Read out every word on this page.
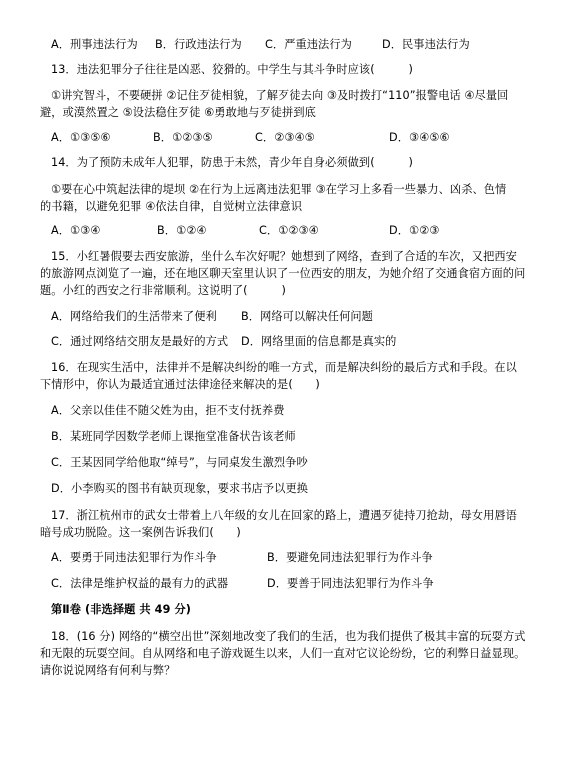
A．刑事违法行为 B．行政违法行为 C．严重违法行为	D．民事违法行为
13．违法犯罪分子往往是凶恶、狡猾的。中学生与其斗争时应该(　　　)
①讲究智斗，不要硬拼 ②记住歹徒相貌，了解歹徒去向 ③及时拨打“110”报警电话 ④尽量回
避，或漠然置之 ⑤设法稳住歹徒 ⑥勇敢地与歹徒拼到底
A．①③⑤⑥	B．①②③⑤	C．②③④⑤	D．③④⑤⑥
14．为了预防未成年人犯罪，防患于未然，青少年自身必须做到(　　　)
①要在心中筑起法律的堤坝 ②在行为上远离违法犯罪 ③在学习上多看一些暴力、凶杀、色情
的书籍，以避免犯罪 ④依法自律，自觉树立法律意识
A．①③④	B．①②④	C．①②③④	D．①②③
15．小红暑假要去西安旅游，坐什么车次好呢？她想到了网络，查到了合适的车次，又把西安
的旅游网点浏览了一遍，还在地区聊天室里认识了一位西安的朋友，为她介绍了交通食宿方面的问
题。小红的西安之行非常顺利。这说明了(　　　)
A．网络给我们的生活带来了便利 B．网络可以解决任何问题
C．通过网络结交朋友是最好的方式 D．网络里面的信息都是真实的
16．在现实生活中，法律并不是解决纠纷的唯一方式，而是解决纠纷的最后方式和手段。在以
下情形中，你认为最适宜通过法律途径来解决的是(　　)
A．父亲以佳佳不随父姓为由，拒不支付抚养费
B．某班同学因数学老师上课拖堂准备状告该老师
C．王某因同学给他取“绰号”，与同桌发生激烈争吵
D．小李购买的图书有缺页现象，要求书店予以更换
17．浙江杭州市的武女士带着上八年级的女儿在回家的路上，遭遇歹徒持刀抢劫，母女用唇语
暗号成功脱险。这一案例告诉我们(　　)
A．要勇于同违法犯罪行为作斗争	B．要避免同违法犯罪行为作斗争
C．法律是维护权益的最有力的武器	D．要善于同违法犯罪行为作斗争
第Ⅱ卷 (非选择题 共 49 分)
18．(16 分) 网络的“横空出世”深刻地改变了我们的生活，也为我们提供了极其丰富的玩耍方式
和无限的玩耍空间。自从网络和电子游戏诞生以来，人们一直对它议论纷纷，它的利弊日益显现。
请你说说网络有何利与弊？
